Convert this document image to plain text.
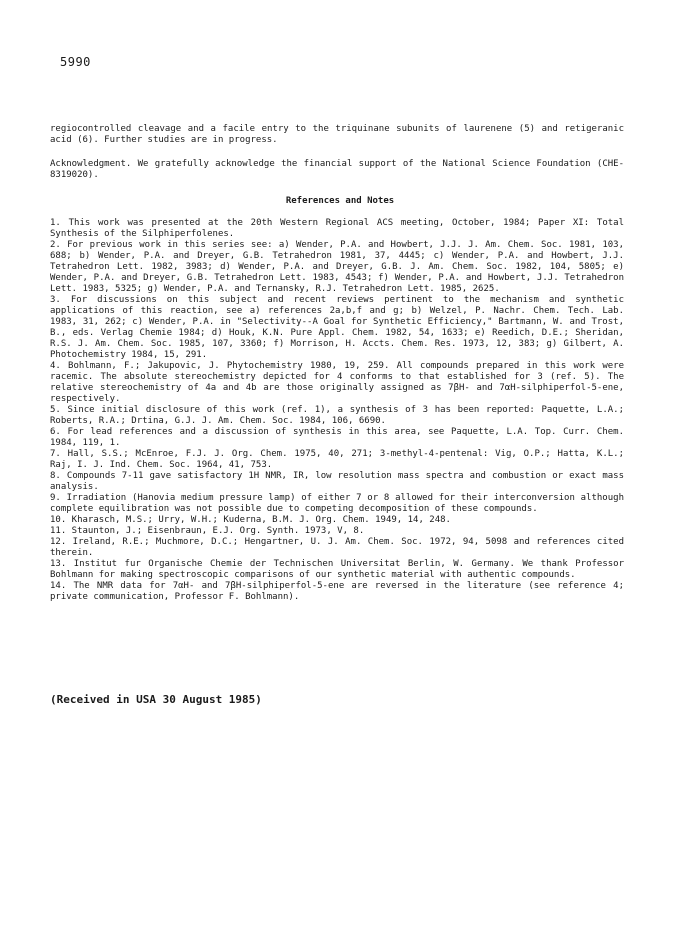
5990
regiocontrolled cleavage and a facile entry to the triquinane subunits of laurenene (5) and retigeranic acid (6). Further studies are in progress.
Acknowledgment. We gratefully acknowledge the financial support of the National Science Foundation (CHE-8319020).
References and Notes

1. This work was presented at the 20th Western Regional ACS meeting, October, 1984; Paper XI: Total Synthesis of the Silphiperfolenes.

2. For previous work in this series see: a) Wender, P.A. and Howbert, J.J. J. Am. Chem. Soc. 1981, 103, 688; b) Wender, P.A. and Dreyer, G.B. Tetrahedron 1981, 37, 4445; c) Wender, P.A. and Howbert, J.J. Tetrahedron Lett. 1982, 3983; d) Wender, P.A. and Dreyer, G.B. J. Am. Chem. Soc. 1982, 104, 5805; e) Wender, P.A. and Dreyer, G.B. Tetrahedron Lett. 1983, 4543; f) Wender, P.A. and Howbert, J.J. Tetrahedron Lett. 1983, 5325; g) Wender, P.A. and Ternansky, R.J. Tetrahedron Lett. 1985, 2625.

3. For discussions on this subject and recent reviews pertinent to the mechanism and synthetic applications of this reaction, see a) references 2a,b,f and g; b) Welzel, P. Nachr. Chem. Tech. Lab. 1983, 31, 262; c) Wender, P.A. in "Selectivity--A Goal for Synthetic Efficiency," Bartmann, W. and Trost, B., eds. Verlag Chemie 1984; d) Houk, K.N. Pure Appl. Chem. 1982, 54, 1633; e) Reedich, D.E.; Sheridan, R.S. J. Am. Chem. Soc. 1985, 107, 3360; f) Morrison, H. Accts. Chem. Res. 1973, 12, 383; g) Gilbert, A. Photochemistry 1984, 15, 291.

4. Bohlmann, F.; Jakupovic, J. Phytochemistry 1980, 19, 259. All compounds prepared in this work were racemic. The absolute stereochemistry depicted for 4 conforms to that established for 3 (ref. 5). The relative stereochemistry of 4a and 4b are those originally assigned as 7βH- and 7αH-silphiperfol-5-ene, respectively.

5. Since initial disclosure of this work (ref. 1), a synthesis of 3 has been reported: Paquette, L.A.; Roberts, R.A.; Drtina, G.J. J. Am. Chem. Soc. 1984, 106, 6690.

6. For lead references and a discussion of synthesis in this area, see Paquette, L.A. Top. Curr. Chem. 1984, 119, 1.

7. Hall, S.S.; McEnroe, F.J. J. Org. Chem. 1975, 40, 271; 3-methyl-4-pentenal: Vig, O.P.; Hatta, K.L.; Raj, I. J. Ind. Chem. Soc. 1964, 41, 753.

8. Compounds 7-11 gave satisfactory 1H NMR, IR, low resolution mass spectra and combustion or exact mass analysis.

9. Irradiation (Hanovia medium pressure lamp) of either 7 or 8 allowed for their interconversion although complete equilibration was not possible due to competing decomposition of these compounds.

10. Kharasch, M.S.; Urry, W.H.; Kuderna, B.M. J. Org. Chem. 1949, 14, 248.

11. Staunton, J.; Eisenbraun, E.J. Org. Synth. 1973, V, 8.

12. Ireland, R.E.; Muchmore, D.C.; Hengartner, U. J. Am. Chem. Soc. 1972, 94, 5098 and references cited therein.

13. Institut fur Organische Chemie der Technischen Universitat Berlin, W. Germany. We thank Professor Bohlmann for making spectroscopic comparisons of our synthetic material with authentic compounds.

14. The NMR data for 7αH- and 7βH-silphiperfol-5-ene are reversed in the literature (see reference 4; private communication, Professor F. Bohlmann).

(Received in USA 30 August 1985)
